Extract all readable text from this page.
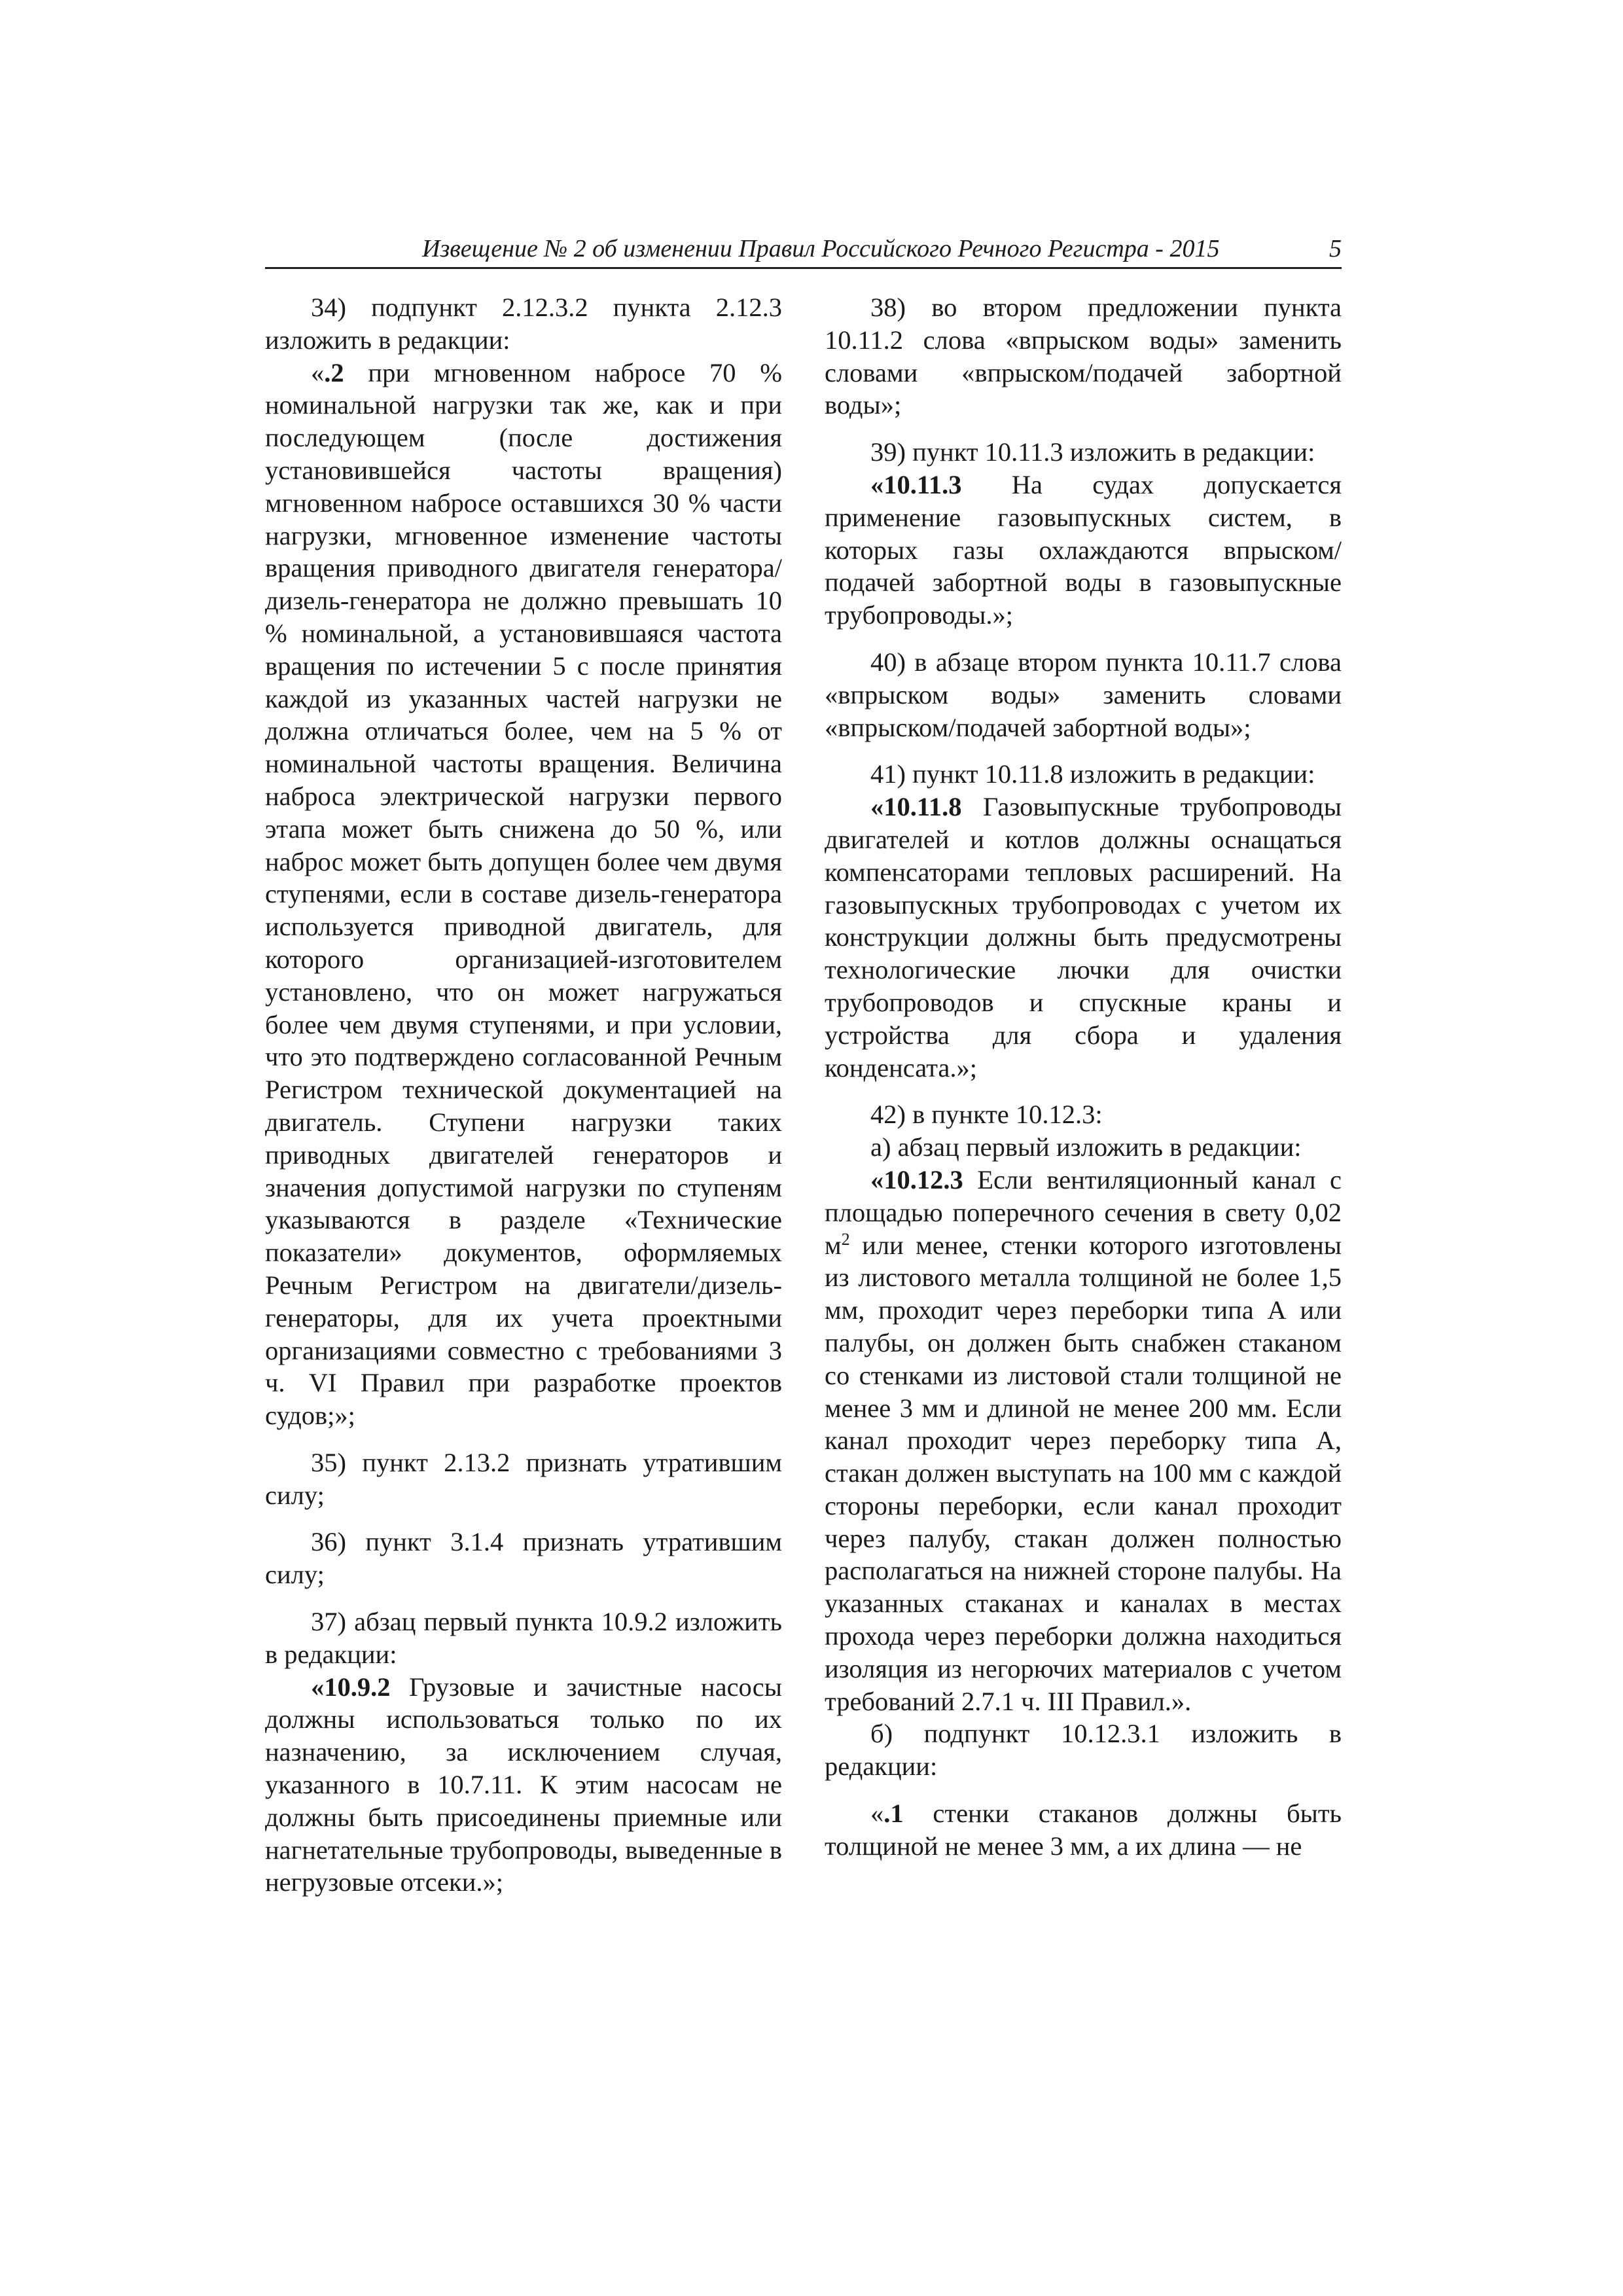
Извещение № 2 об изменении Правил Российского Речного Регистра - 2015	5

34) подпункт 2.12.3.2 пункта 2.12.3 изложить в редакции:

«.2 при мгновенном набросе 70 % номинальной нагрузки так же, как и при последующем (после достижения установившейся частоты вращения) мгновенном набросе оставшихся 30 % части нагрузки, мгновенное изменение частоты вращения приводного двигателя генератора/дизель-генератора не должно превышать 10 % номинальной, а установившаяся частота вращения по истечении 5 с после принятия каждой из указанных частей нагрузки не должна отличаться более, чем на 5 % от номинальной частоты вращения. Величина наброса электрической нагрузки первого этапа может быть снижена до 50 %, или наброс может быть допущен более чем двумя ступенями, если в составе дизель-генератора используется приводной двигатель, для которого организацией-изготовителем установлено, что он может нагружаться более чем двумя ступенями, и при условии, что это подтверждено согласованной Речным Регистром технической документацией на двигатель. Ступени нагрузки таких приводных двигателей генераторов и значения допустимой нагрузки по ступеням указываются в разделе «Технические показатели» документов, оформляемых Речным Регистром на двигатели/дизель-генераторы, для их учета проектными организациями совместно с требованиями 3 ч. VI Правил при разработке проектов судов;»;

35) пункт 2.13.2 признать утратившим силу;

36) пункт 3.1.4 признать утратившим силу;

37) абзац первый пункта 10.9.2 изложить в редакции:

«10.9.2 Грузовые и зачистные насосы должны использоваться только по их назначению, за исключением случая, указанного в 10.7.11. К этим насосам не должны быть присоединены приемные или нагнетательные трубопроводы, выведенные в негрузовые отсеки.»;

38) во втором предложении пункта 10.11.2 слова «впрыском воды» заменить словами «впрыском/подачей забортной воды»;

39) пункт 10.11.3 изложить в редакции:

«10.11.3 На судах допускается применение газовыпускных систем, в которых газы охлаждаются впрыском/подачей забортной воды в газовыпускные трубопроводы.»;

40) в абзаце втором пункта 10.11.7 слова «впрыском воды» заменить словами «впрыском/подачей забортной воды»;

41) пункт 10.11.8 изложить в редакции:

«10.11.8 Газовыпускные трубопроводы двигателей и котлов должны оснащаться компенсаторами тепловых расширений. На газовыпускных трубопроводах с учетом их конструкции должны быть предусмотрены технологические лючки для очистки трубопроводов и спускные краны и устройства для сбора и удаления конденсата.»;

42) в пункте 10.12.3:

а) абзац первый изложить в редакции:

«10.12.3 Если вентиляционный канал с площадью поперечного сечения в свету 0,02 $м^2$ или менее, стенки которого изготовлены из листового металла толщиной не более 1,5 мм, проходит через переборки типа А или палубы, он должен быть снабжен стаканом со стенками из листовой стали толщиной не менее 3 мм и длиной не менее 200 мм. Если канал проходит через переборку типа А, стакан должен выступать на 100 мм с каждой стороны переборки, если канал проходит через палубу, стакан должен полностью располагаться на нижней стороне палубы. На указанных стаканах и каналах в местах прохода через переборки должна находиться изоляция из негорючих материалов с учетом требований 2.7.1 ч. III Правил.».

б) подпункт 10.12.3.1 изложить в редакции:

«.1 стенки стаканов должны быть толщиной не менее 3 мм, а их длина — не
